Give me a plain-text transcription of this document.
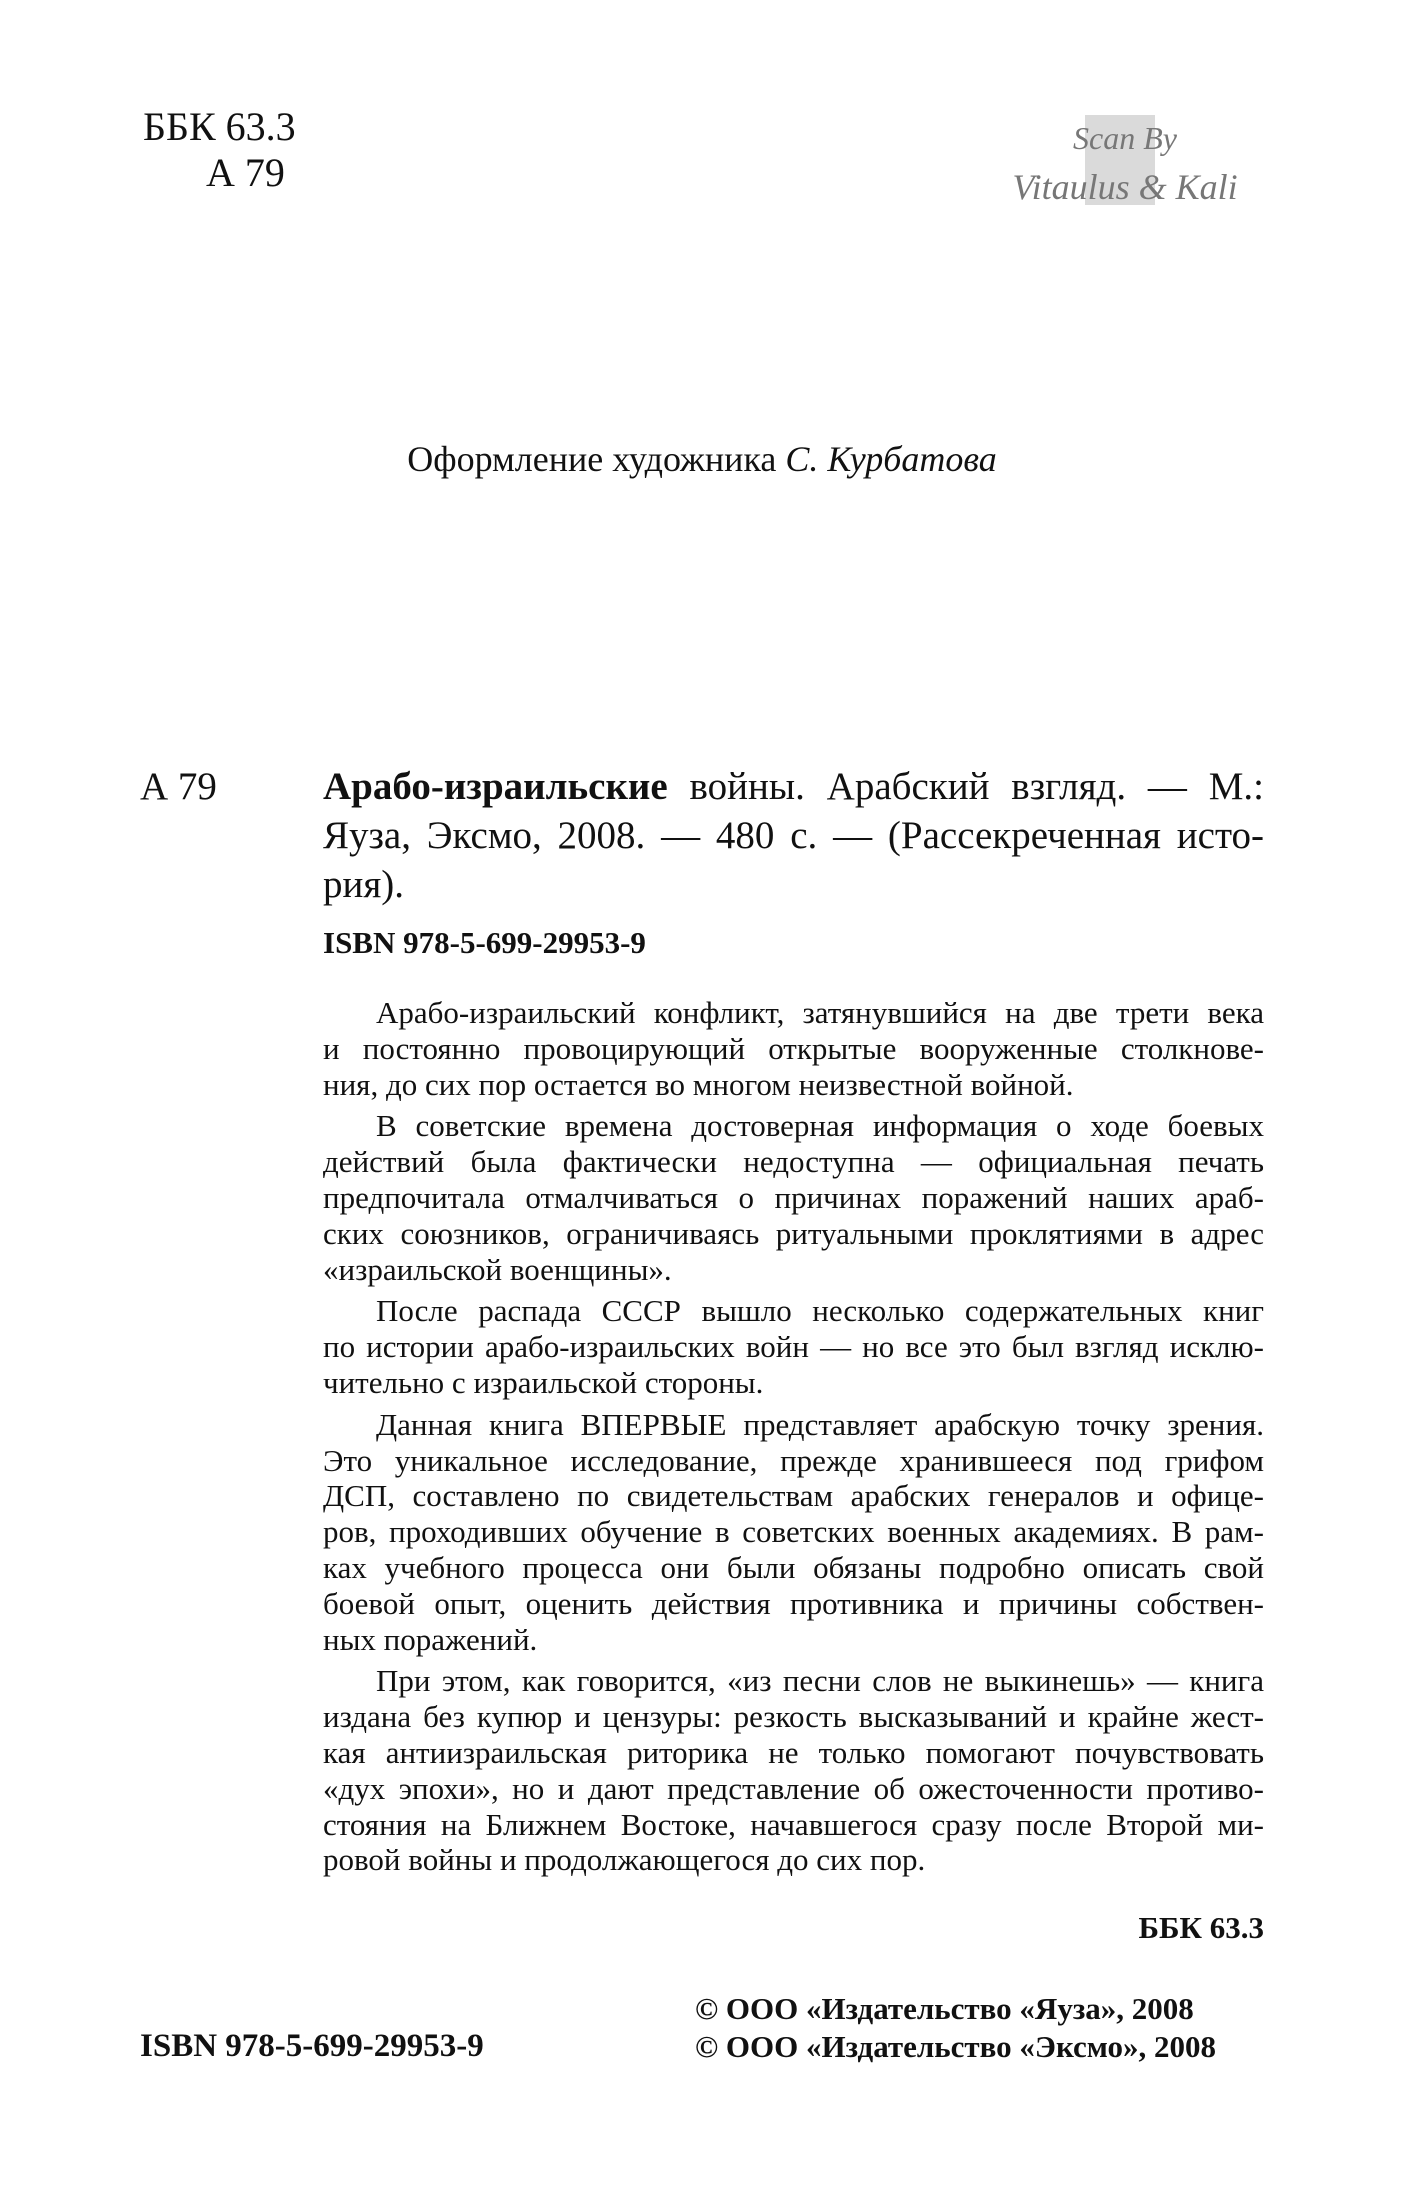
ББК 63.3
А 79
Scan By
Vitaulus & Kali
Оформление художника С. Курбатова
А 79	Арабо-израильские войны. Арабский взгляд. — М.:
Яуза, Эксмо, 2008. — 480 с. — (Рассекреченная исто-
рия).
ISBN 978-5-699-29953-9
Арабо-израильский конфликт, затянувшийся на две трети века
и постоянно провоцирующий открытые вооруженные столкнове-
ния, до сих пор остается во многом неизвестной войной.
В советские времена достоверная информация о ходе боевых
действий была фактически недоступна — официальная печать
предпочитала отмалчиваться о причинах поражений наших араб-
ских союзников, ограничиваясь ритуальными проклятиями в адрес
«израильской военщины».
После распада СССР вышло несколько содержательных книг
по истории арабо-израильских войн — но все это был взгляд исклю-
чительно с израильской стороны.
Данная книга ВПЕРВЫЕ представляет арабскую точку зрения.
Это уникальное исследование, прежде хранившееся под грифом
ДСП, составлено по свидетельствам арабских генералов и офице-
ров, проходивших обучение в советских военных академиях. В рам-
ках учебного процесса они были обязаны подробно описать свой
боевой опыт, оценить действия противника и причины собствен-
ных поражений.
При этом, как говорится, «из песни слов не выкинешь» — книга
издана без купюр и цензуры: резкость высказываний и крайне жест-
кая антиизраильская риторика не только помогают почувствовать
«дух эпохи», но и дают представление об ожесточенности противо-
стояния на Ближнем Востоке, начавшегося сразу после Второй ми-
ровой войны и продолжающегося до сих пор.
ББК 63.3
© ООО «Издательство «Яуза», 2008
© ООО «Издательство «Эксмо», 2008
ISBN 978-5-699-29953-9
